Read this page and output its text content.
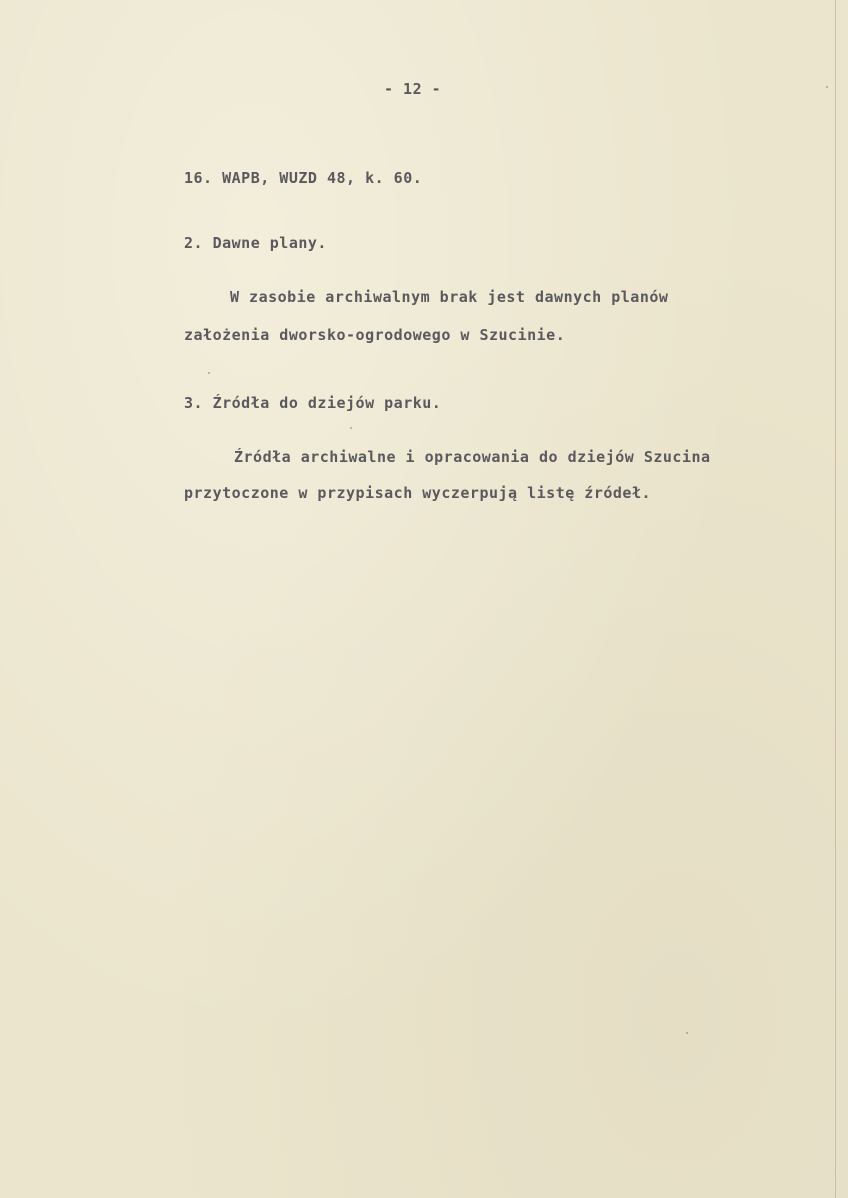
- 12 -
16. WAPB, WUZD 48, k. 60.
2. Dawne plany.
W zasobie archiwalnym brak jest dawnych planów
założenia dworsko-ogrodowego w Szucinie.
3. Źródła do dziejów parku.
Źródła archiwalne i opracowania do dziejów Szucina
przytoczone w przypisach wyczerpują listę źródeł.
